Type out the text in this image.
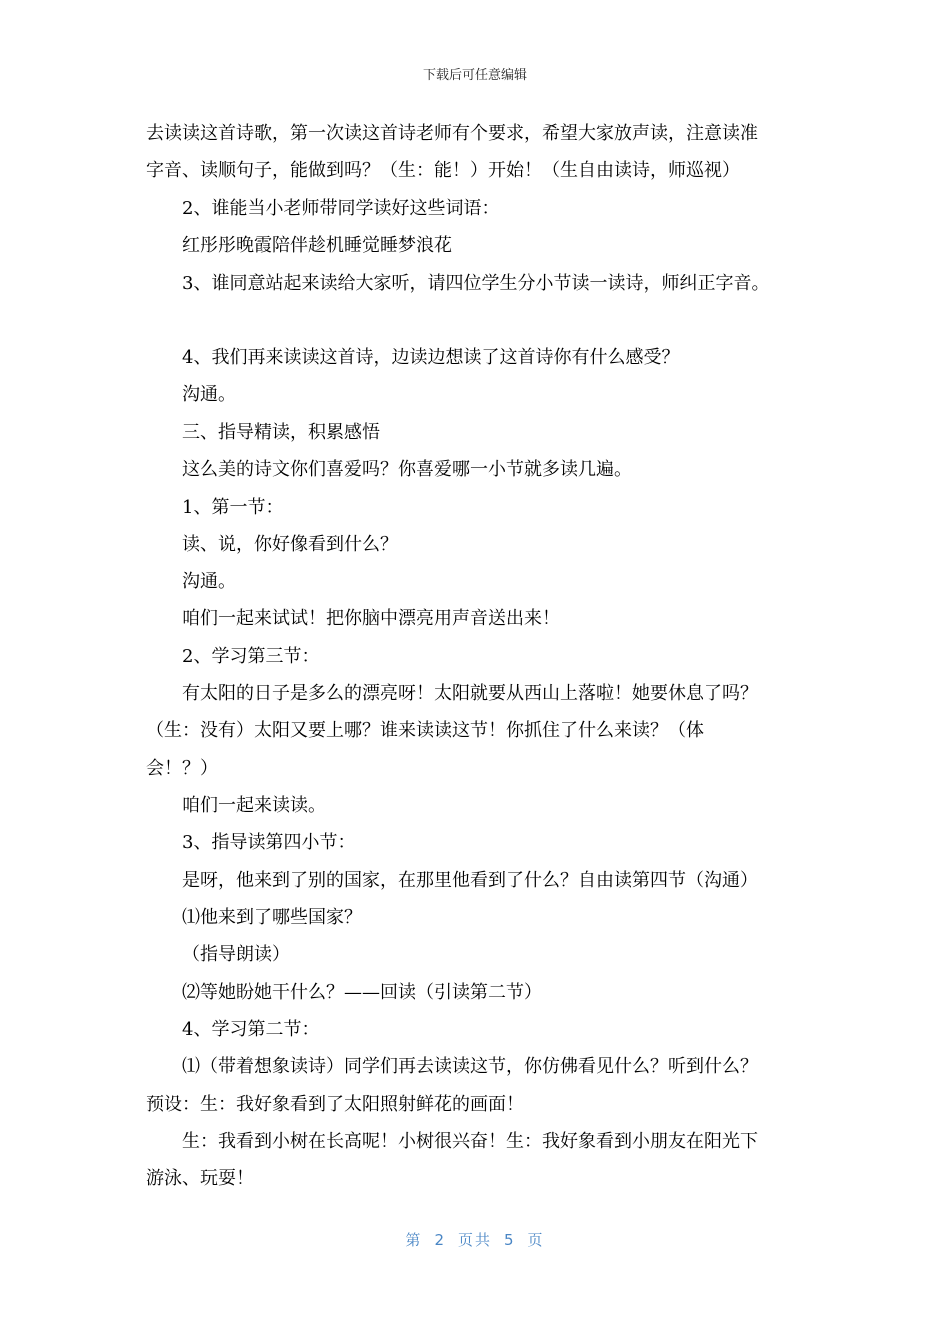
下载后可任意编辑
去读读这首诗歌，第一次读这首诗老师有个要求，希望大家放声读，注意读准
字音、读顺句子，能做到吗？（生：能！）开始！（生自由读诗，师巡视）
2、谁能当小老师带同学读好这些词语：
红彤彤晚霞陪伴趁机睡觉睡梦浪花
3、谁同意站起来读给大家听，请四位学生分小节读一读诗，师纠正字音。
4、我们再来读读这首诗，边读边想读了这首诗你有什么感受？
沟通。
三、指导精读，积累感悟
这么美的诗文你们喜爱吗？你喜爱哪一小节就多读几遍。
1、第一节：
读、说，你好像看到什么？
沟通。
咱们一起来试试！把你脑中漂亮用声音送出来！
2、学习第三节：
有太阳的日子是多么的漂亮呀！太阳就要从西山上落啦！她要休息了吗？
（生：没有）太阳又要上哪？谁来读读这节！你抓住了什么来读？（体
会！？）
咱们一起来读读。
3、指导读第四小节：
是呀，他来到了别的国家，在那里他看到了什么？自由读第四节（沟通）
⑴他来到了哪些国家？
（指导朗读）
⑵等她盼她干什么？——回读（引读第二节）
4、学习第二节：
⑴（带着想象读诗）同学们再去读读这节，你仿佛看见什么？听到什么？
预设：生：我好象看到了太阳照射鲜花的画面！
生：我看到小树在长高呢！小树很兴奋！生：我好象看到小朋友在阳光下
游泳、玩耍！
第 2 页共 5 页
